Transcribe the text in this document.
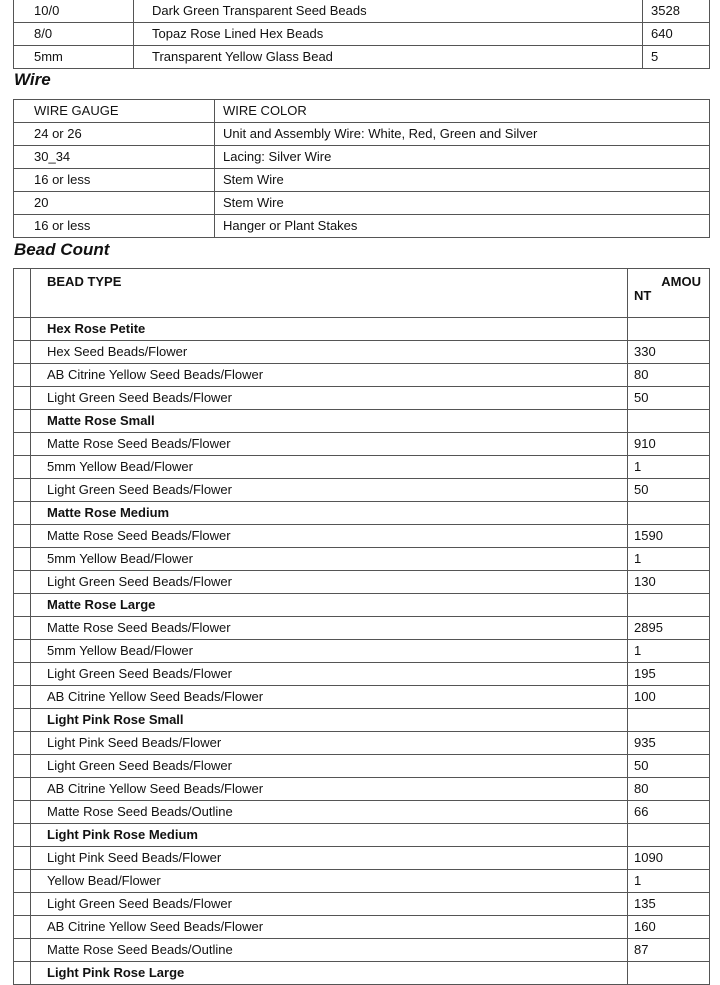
10/0	Dark Green Transparent Seed Beads	3528
8/0	Topaz Rose Lined Hex Beads	640
5mm	Transparent Yellow Glass Bead	5
Wire
WIRE GAUGE	WIRE COLOR
24 or 26	Unit and Assembly Wire: White, Red, Green and Silver
30_34	Lacing: Silver Wire
16 or less	Stem Wire
20	Stem Wire
16 or less	Hanger or Plant Stakes
Bead Count
	BEAD TYPE	AMOU
NT

	Hex Rose Petite	
	Hex Seed Beads/Flower	330
	AB Citrine Yellow Seed Beads/Flower	80
	Light Green Seed Beads/Flower	50
	Matte Rose Small	
	Matte Rose Seed Beads/Flower	910
	5mm Yellow Bead/Flower	1
	Light Green Seed Beads/Flower	50
	Matte Rose Medium	
	Matte Rose Seed Beads/Flower	1590
	5mm Yellow Bead/Flower	1
	Light Green Seed Beads/Flower	130
	Matte Rose Large	
	Matte Rose Seed Beads/Flower	2895
	5mm Yellow Bead/Flower	1
	Light Green Seed Beads/Flower	195
	AB Citrine Yellow Seed Beads/Flower	100
	Light Pink Rose Small	
	Light Pink Seed Beads/Flower	935
	Light Green Seed Beads/Flower	50
	AB Citrine Yellow Seed Beads/Flower	80
	Matte Rose Seed Beads/Outline	66
	Light Pink Rose Medium	
	Light Pink Seed Beads/Flower	1090
	Yellow Bead/Flower	1
	Light Green Seed Beads/Flower	135
	AB Citrine Yellow Seed Beads/Flower	160
	Matte Rose Seed Beads/Outline	87
	Light Pink Rose Large	
